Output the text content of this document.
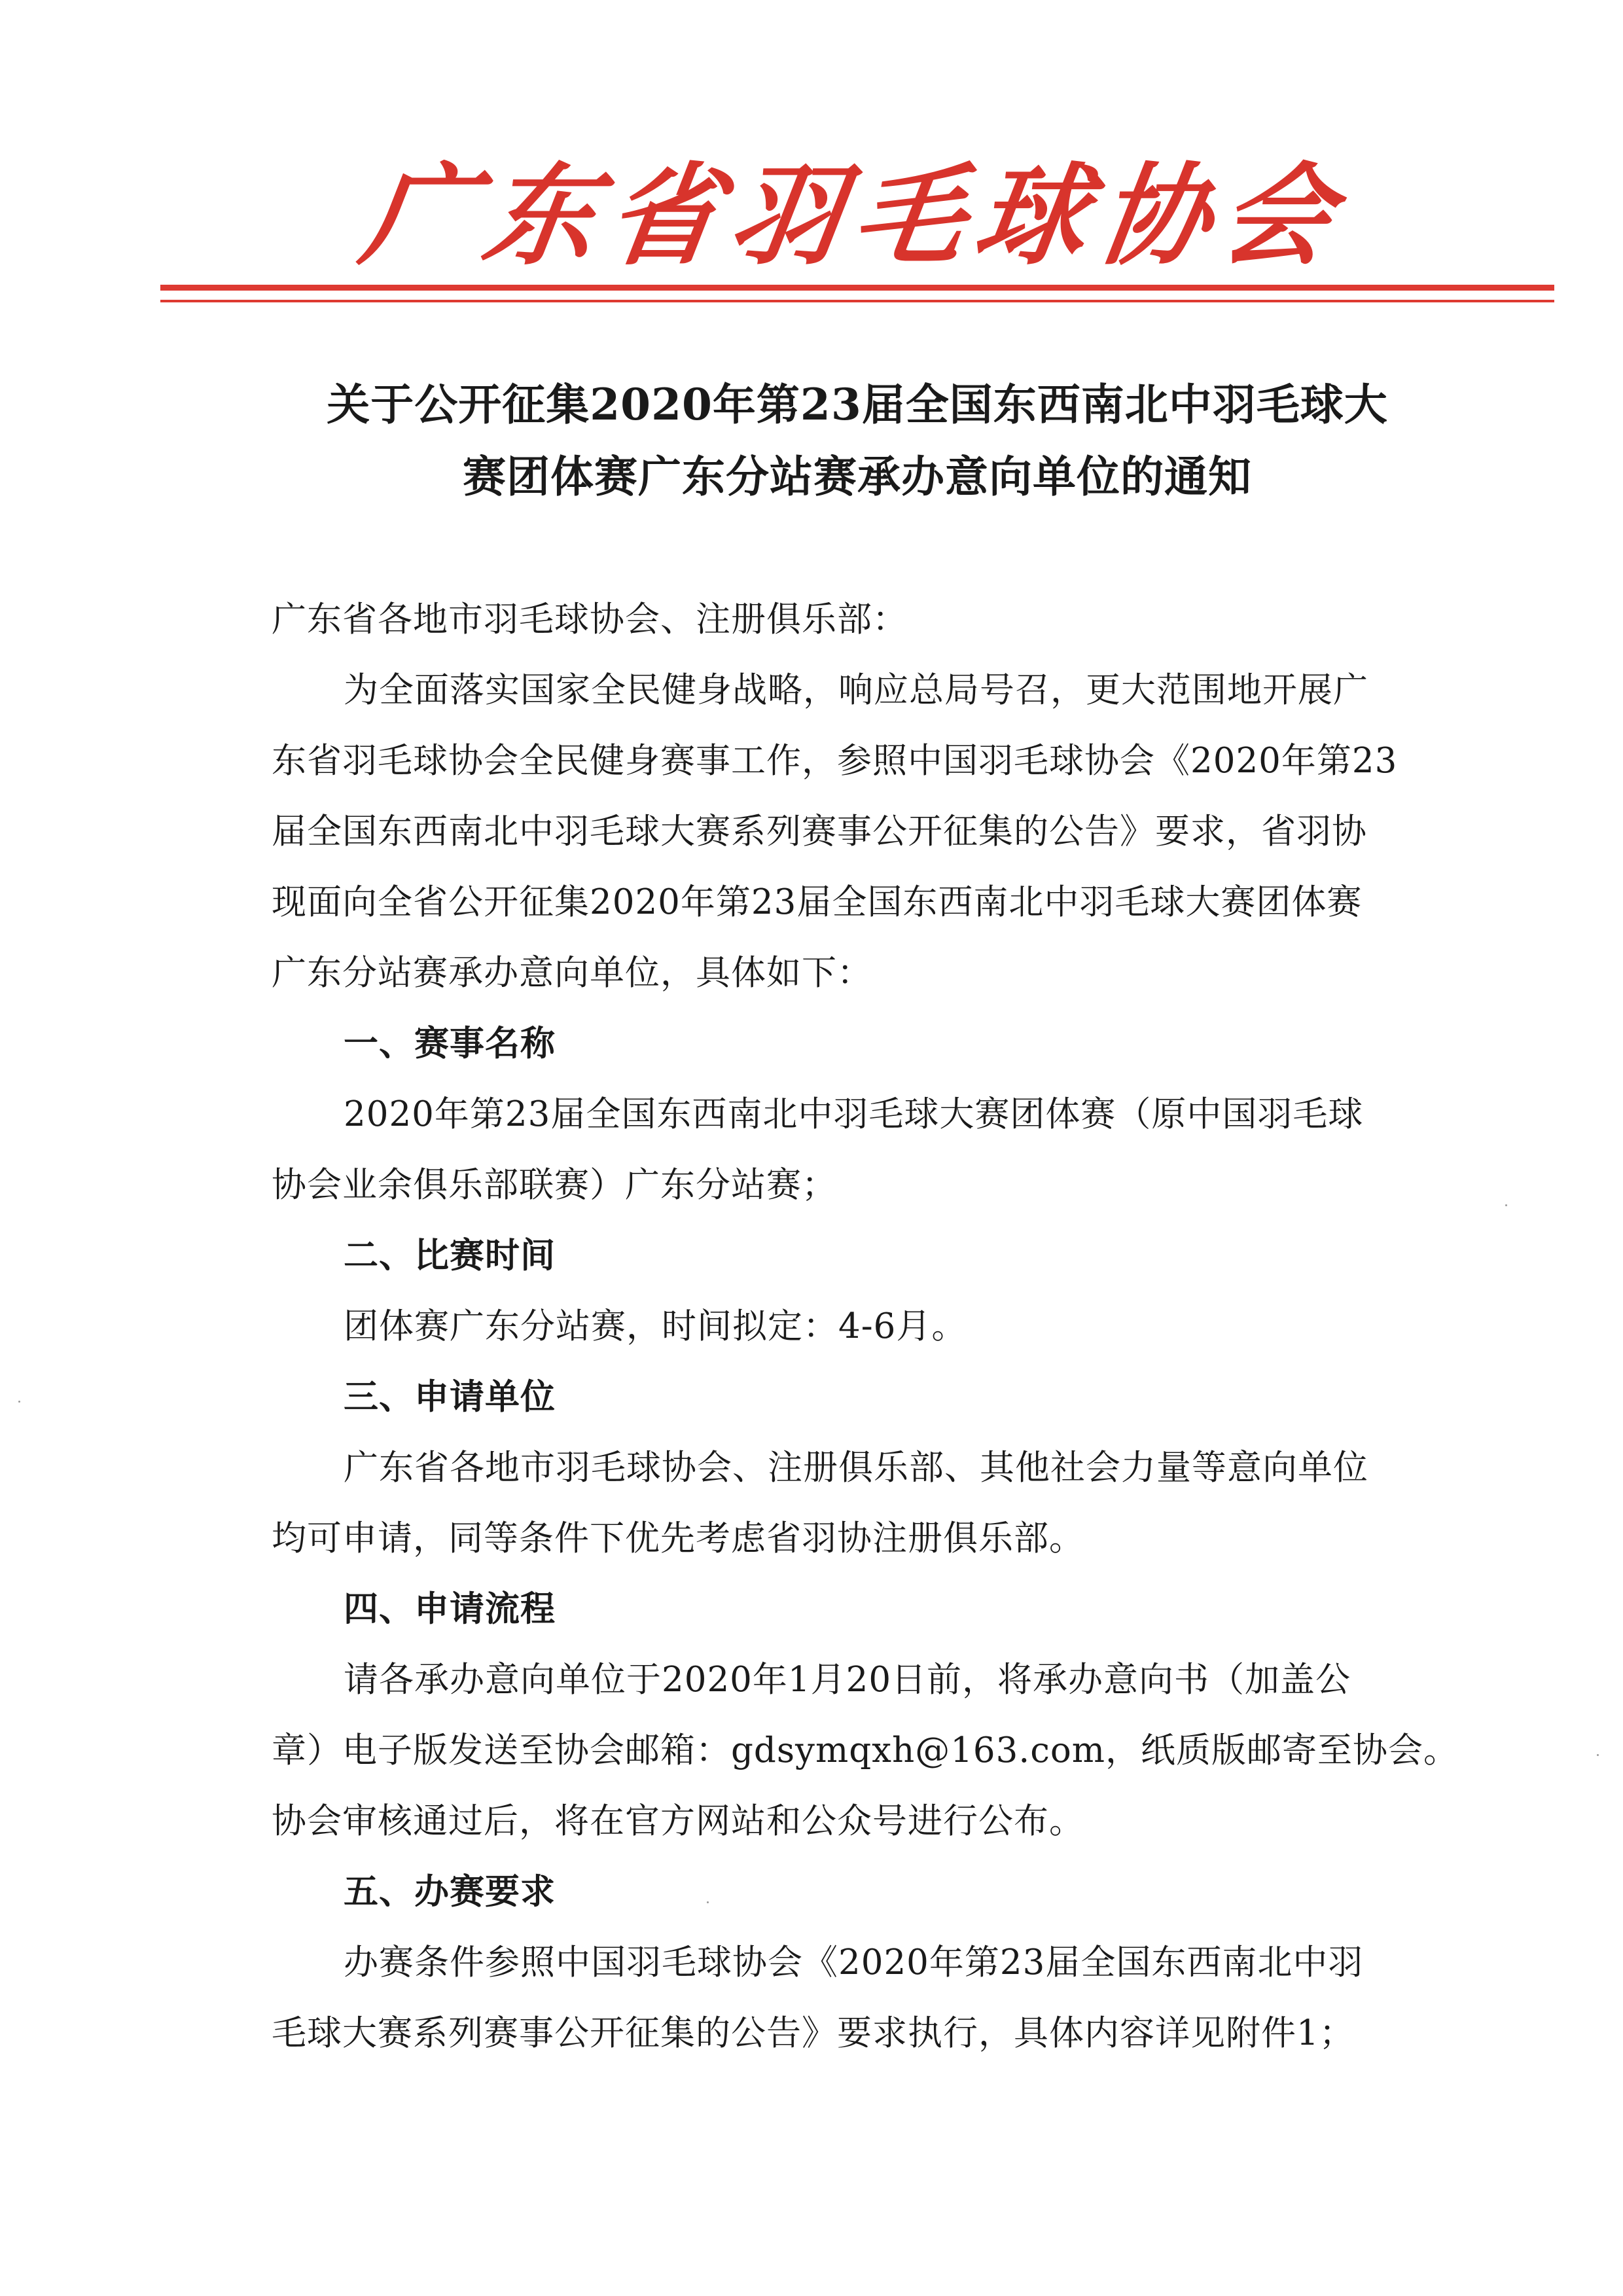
广
东
省
羽
毛
球
协
会
关于公开征集2020年第23届全国东西南北中羽毛球大
赛团体赛广东分站赛承办意向单位的通知
广东省各地市羽毛球协会、注册俱乐部：
为全面落实国家全民健身战略，响应总局号召，更大范围地开展广
东省羽毛球协会全民健身赛事工作，参照中国羽毛球协会《2020年第23
届全国东西南北中羽毛球大赛系列赛事公开征集的公告》要求，省羽协
现面向全省公开征集2020年第23届全国东西南北中羽毛球大赛团体赛
广东分站赛承办意向单位，具体如下：
一、赛事名称
2020年第23届全国东西南北中羽毛球大赛团体赛（原中国羽毛球
协会业余俱乐部联赛）广东分站赛；
二、比赛时间
团体赛广东分站赛，时间拟定：4-6月。
三、申请单位
广东省各地市羽毛球协会、注册俱乐部、其他社会力量等意向单位
均可申请，同等条件下优先考虑省羽协注册俱乐部。
四、申请流程
请各承办意向单位于2020年1月20日前，将承办意向书（加盖公
章）电子版发送至协会邮箱：gdsymqxh@163.com，纸质版邮寄至协会。
协会审核通过后，将在官方网站和公众号进行公布。
五、办赛要求
办赛条件参照中国羽毛球协会《2020年第23届全国东西南北中羽
毛球大赛系列赛事公开征集的公告》要求执行，具体内容详见附件1；
